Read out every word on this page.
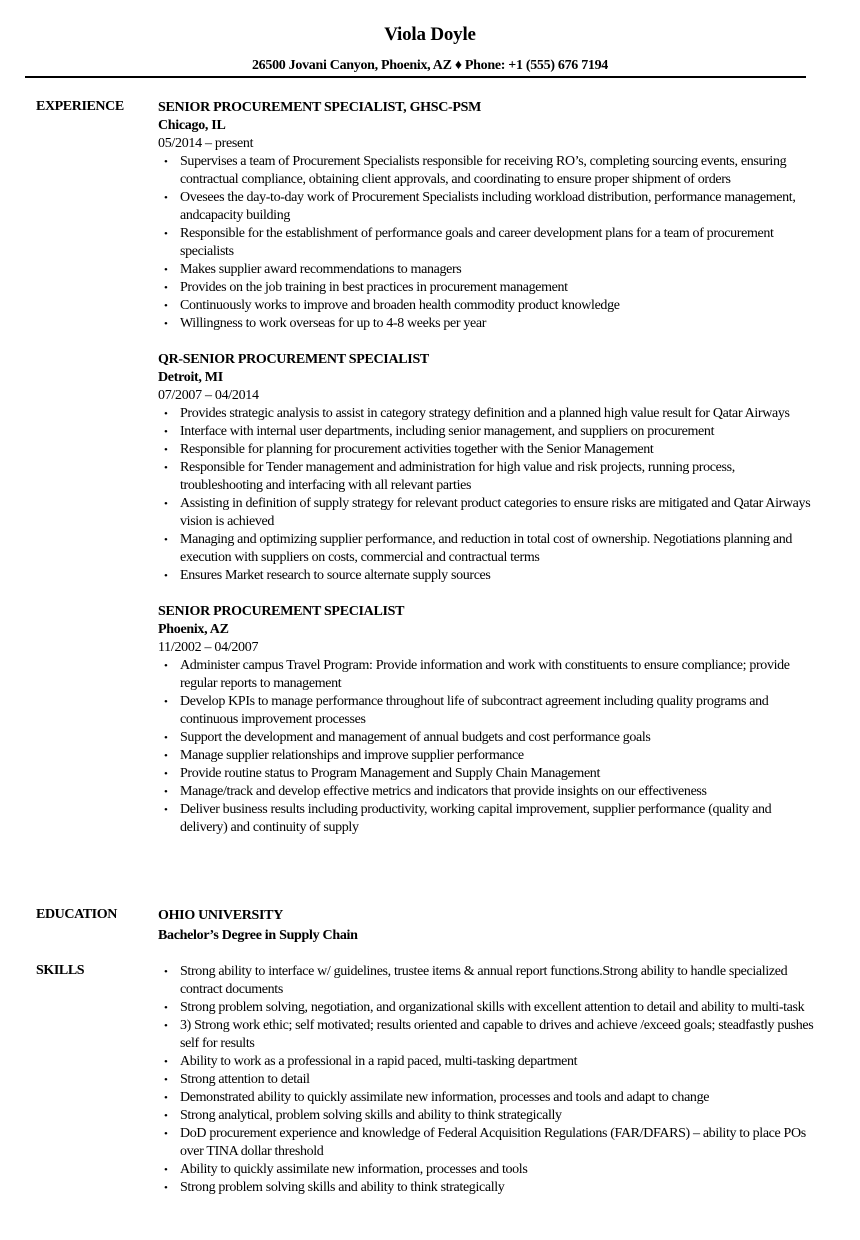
Viola Doyle
26500 Jovani Canyon, Phoenix, AZ ♦ Phone: +1 (555) 676 7194
EXPERIENCE SENIOR PROCUREMENT SPECIALIST, GHSC-PSM
Chicago, IL
05/2014 – present
• Supervises a team of Procurement Specialists responsible for receiving RO’s, completing sourcing events, ensuring contractual compliance, obtaining client approvals, and coordinating to ensure proper shipment of orders
• Ovesees the day-to-day work of Procurement Specialists including workload distribution, performance management, andcapacity building
• Responsible for the establishment of performance goals and career development plans for a team of procurement specialists
• Makes supplier award recommendations to managers
• Provides on the job training in best practices in procurement management
• Continuously works to improve and broaden health commodity product knowledge
• Willingness to work overseas for up to 4-8 weeks per year
QR-SENIOR PROCUREMENT SPECIALIST
Detroit, MI
07/2007 – 04/2014
• Provides strategic analysis to assist in category strategy definition and a planned high value result for Qatar Airways
• Interface with internal user departments, including senior management, and suppliers on procurement
• Responsible for planning for procurement activities together with the Senior Management
• Responsible for Tender management and administration for high value and risk projects, running process, troubleshooting and interfacing with all relevant parties
• Assisting in definition of supply strategy for relevant product categories to ensure risks are mitigated and Qatar Airways vision is achieved
• Managing and optimizing supplier performance, and reduction in total cost of ownership. Negotiations planning and execution with suppliers on costs, commercial and contractual terms
• Ensures Market research to source alternate supply sources
SENIOR PROCUREMENT SPECIALIST
Phoenix, AZ
11/2002 – 04/2007
• Administer campus Travel Program: Provide information and work with constituents to ensure compliance; provide regular reports to management
• Develop KPIs to manage performance throughout life of subcontract agreement including quality programs and continuous improvement processes
• Support the development and management of annual budgets and cost performance goals
• Manage supplier relationships and improve supplier performance
• Provide routine status to Program Management and Supply Chain Management
• Manage/track and develop effective metrics and indicators that provide insights on our effectiveness
• Deliver business results including productivity, working capital improvement, supplier performance (quality and delivery) and continuity of supply
EDUCATION	OHIO UNIVERSITY
Bachelor’s Degree in Supply Chain
SKILLS	• Strong ability to interface w/ guidelines, trustee items & annual report functions.Strong ability to handle specialized contract documents
• Strong problem solving, negotiation, and organizational skills with excellent attention to detail and ability to multi-task
• 3) Strong work ethic; self motivated; results oriented and capable to drives and achieve /exceed goals; steadfastly pushes self for results
• Ability to work as a professional in a rapid paced, multi-tasking department
• Strong attention to detail
• Demonstrated ability to quickly assimilate new information, processes and tools and adapt to change
• Strong analytical, problem solving skills and ability to think strategically
• DoD procurement experience and knowledge of Federal Acquisition Regulations (FAR/DFARS) – ability to place POs over TINA dollar threshold
• Ability to quickly assimilate new information, processes and tools
• Strong problem solving skills and ability to think strategically
